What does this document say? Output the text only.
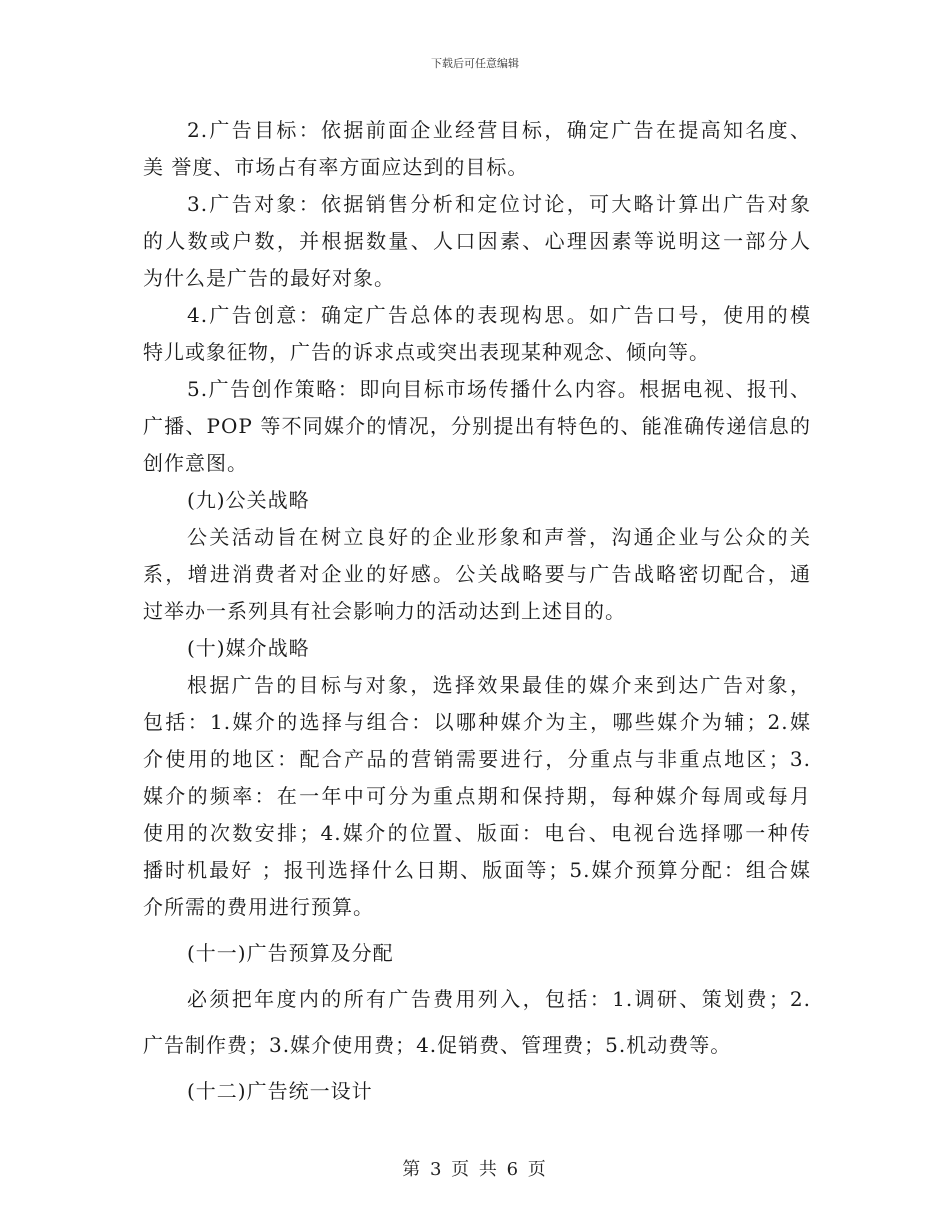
下载后可任意编辑
2.广告目标：依据前面企业经营目标，确定广告在提高知名度、
美 誉度、市场占有率方面应达到的目标。
3.广告对象：依据销售分析和定位讨论，可大略计算出广告对象
的人数或户数，并根据数量、人口因素、心理因素等说明这一部分人
为什么是广告的最好对象。
4.广告创意：确定广告总体的表现构思。如广告口号，使用的模
特儿或象征物，广告的诉求点或突出表现某种观念、倾向等。
5.广告创作策略：即向目标市场传播什么内容。根据电视、报刊、
广播、POP 等不同媒介的情况，分别提出有特色的、能准确传递信息的
创作意图。
(九)公关战略
公关活动旨在树立良好的企业形象和声誉，沟通企业与公众的关
系，增进消费者对企业的好感。公关战略要与广告战略密切配合，通
过举办一系列具有社会影响力的活动达到上述目的。
(十)媒介战略
根据广告的目标与对象，选择效果最佳的媒介来到达广告对象，
包括：1.媒介的选择与组合：以哪种媒介为主，哪些媒介为辅；2.媒
介使用的地区：配合产品的营销需要进行，分重点与非重点地区；3.
媒介的频率：在一年中可分为重点期和保持期，每种媒介每周或每月
使用的次数安排；4.媒介的位置、版面：电台、电视台选择哪一种传
播时机最好 ；报刊选择什么日期、版面等；5.媒介预算分配：组合媒
介所需的费用进行预算。
(十一)广告预算及分配
必须把年度内的所有广告费用列入，包括：1.调研、策划费；2.
广告制作费；3.媒介使用费；4.促销费、管理费；5.机动费等。
(十二)广告统一设计
第 3 页 共 6 页
